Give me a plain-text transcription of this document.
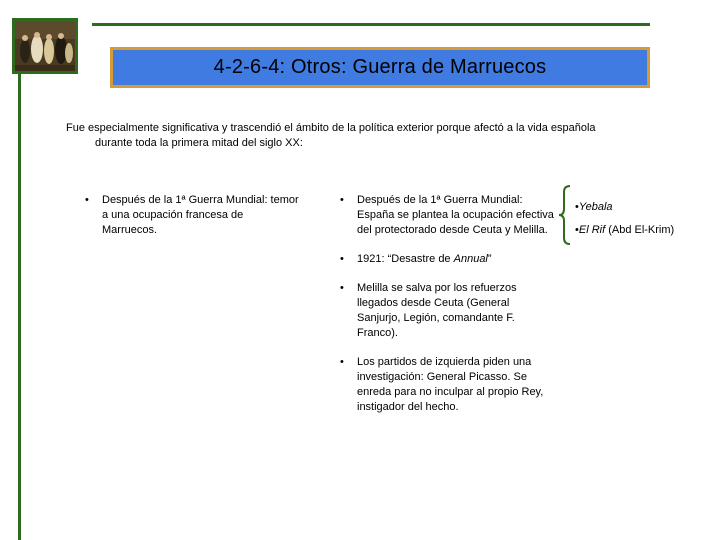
4-2-6-4: Otros: Guerra de Marruecos
Fue especialmente significativa y trascendió el ámbito de la política exterior porque afectó a la vida española
durante toda la primera mitad del siglo XX:
• Después de la 1ª Guerra Mundial: temor a una ocupación francesa de Marruecos.
• Después de la 1ª Guerra Mundial: España se plantea la ocupación efectiva del protectorado desde Ceuta y Melilla.
• 1921: “Desastre de Annual”
• Melilla se salva por los refuerzos llegados desde Ceuta (General Sanjurjo, Legión, comandante F. Franco).
• Los partidos de izquierda piden una investigación: General Picasso. Se enreda para no inculpar al propio Rey, instigador del hecho.
•Yebala
•El Rif (Abd El-Krim)
